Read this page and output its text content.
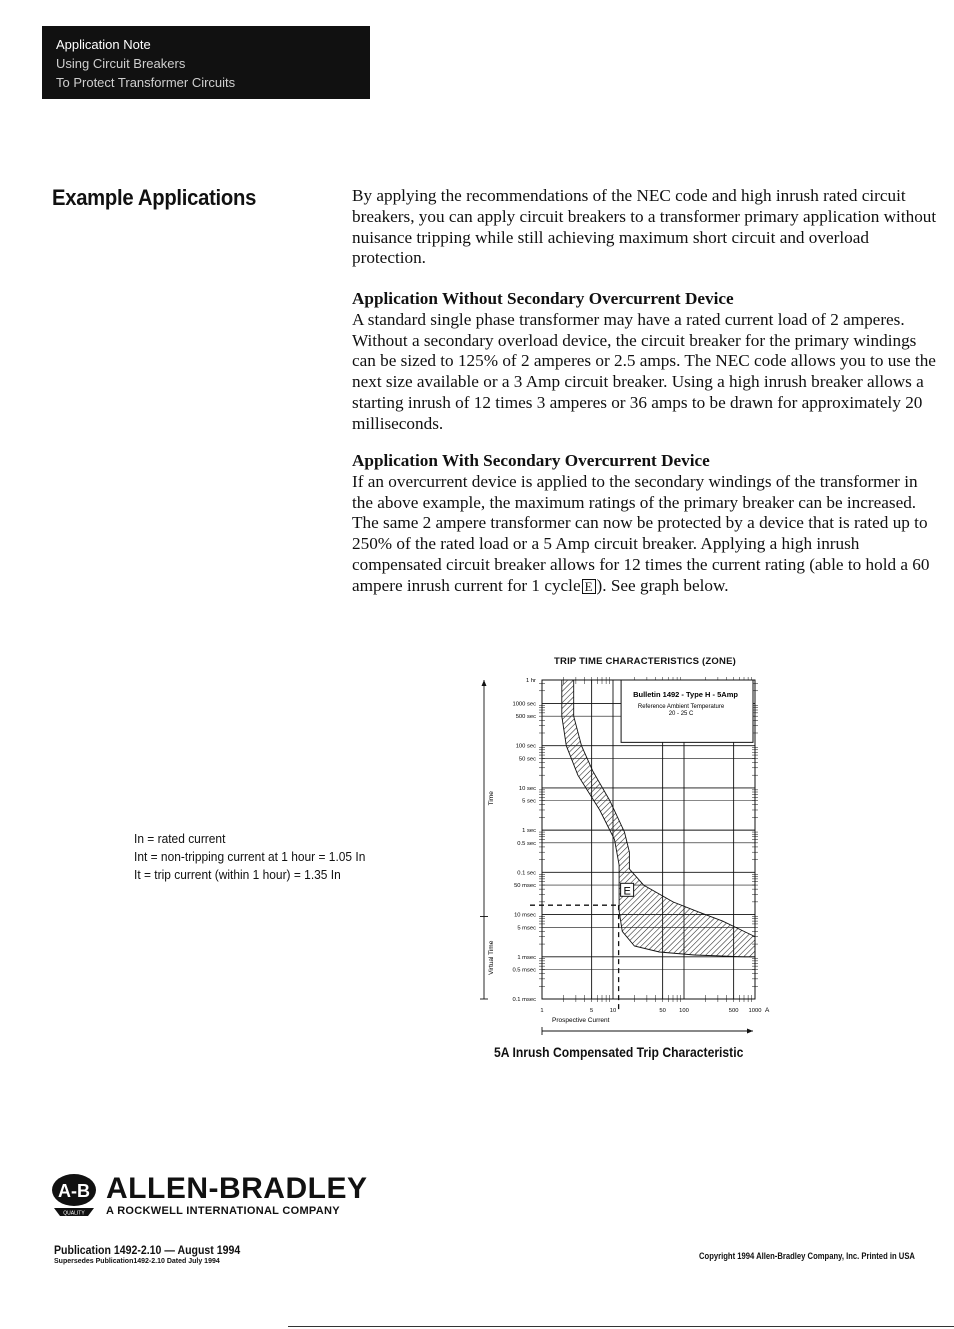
Application Note
Using Circuit Breakers
To Protect Transformer Circuits
Example Applications	By applying the recommendations of the NEC code and high inrush rated circuit breakers, you can apply circuit breakers to a transformer primary application without nuisance tripping while still achieving maximum short circuit and overload protection.

Application Without Secondary Overcurrent Device

A standard single phase transformer may have a rated current load of 2 amperes. Without a secondary overload device, the circuit breaker for the primary windings can be sized to 125% of 2 amperes or 2.5 amps. The NEC code allows you to use the next size available or a 3 Amp circuit breaker. Using a high inrush breaker allows a starting inrush of 12 times 3 amperes or 36 amps to be drawn for approximately 20 milliseconds.

Application With Secondary Overcurrent Device

If an overcurrent device is applied to the secondary windings of the transformer in the above example, the maximum ratings of the primary breaker can be increased. The same 2 ampere transformer can now be protected by a device that is rated up to 250% of the rated load or a 5 Amp circuit breaker. Applying a high inrush compensated circuit breaker allows for 12 times the current rating (able to hold a 60 ampere inrush current for 1 cycle E ). See graph below.

In = rated current
Int = non-tripping current at 1 hour = 1.05 In
It = trip current (within 1 hour) = 1.35 In
TRIP TIME CHARACTERISTICS (ZONE)
1 hr
1000 sec
500 sec
100 sec
50 sec
10 sec
5 sec
1 sec
0.5 sec
0.1 sec
50 msec
10 msec
5 msec
1 msec
0.5 msec
0.1 msec
1	5	10	50 100	500 1000
Bulletin 1492 - Type H - 5Amp
Reference Ambient Temperature
20 - 25 C
E
Time
Virtual Time
Prospective Current
A
5A Inrush Compensated Trip Characteristic
A-B
QUALITY
ALLEN-BRADLEY
A ROCKWELL INTERNATIONAL COMPANY
Publication 1492-2.10 — August 1994
Supersedes Publication1492-2.10 Dated July 1994
Copyright 1994 Allen-Bradley Company, Inc. Printed in USA
